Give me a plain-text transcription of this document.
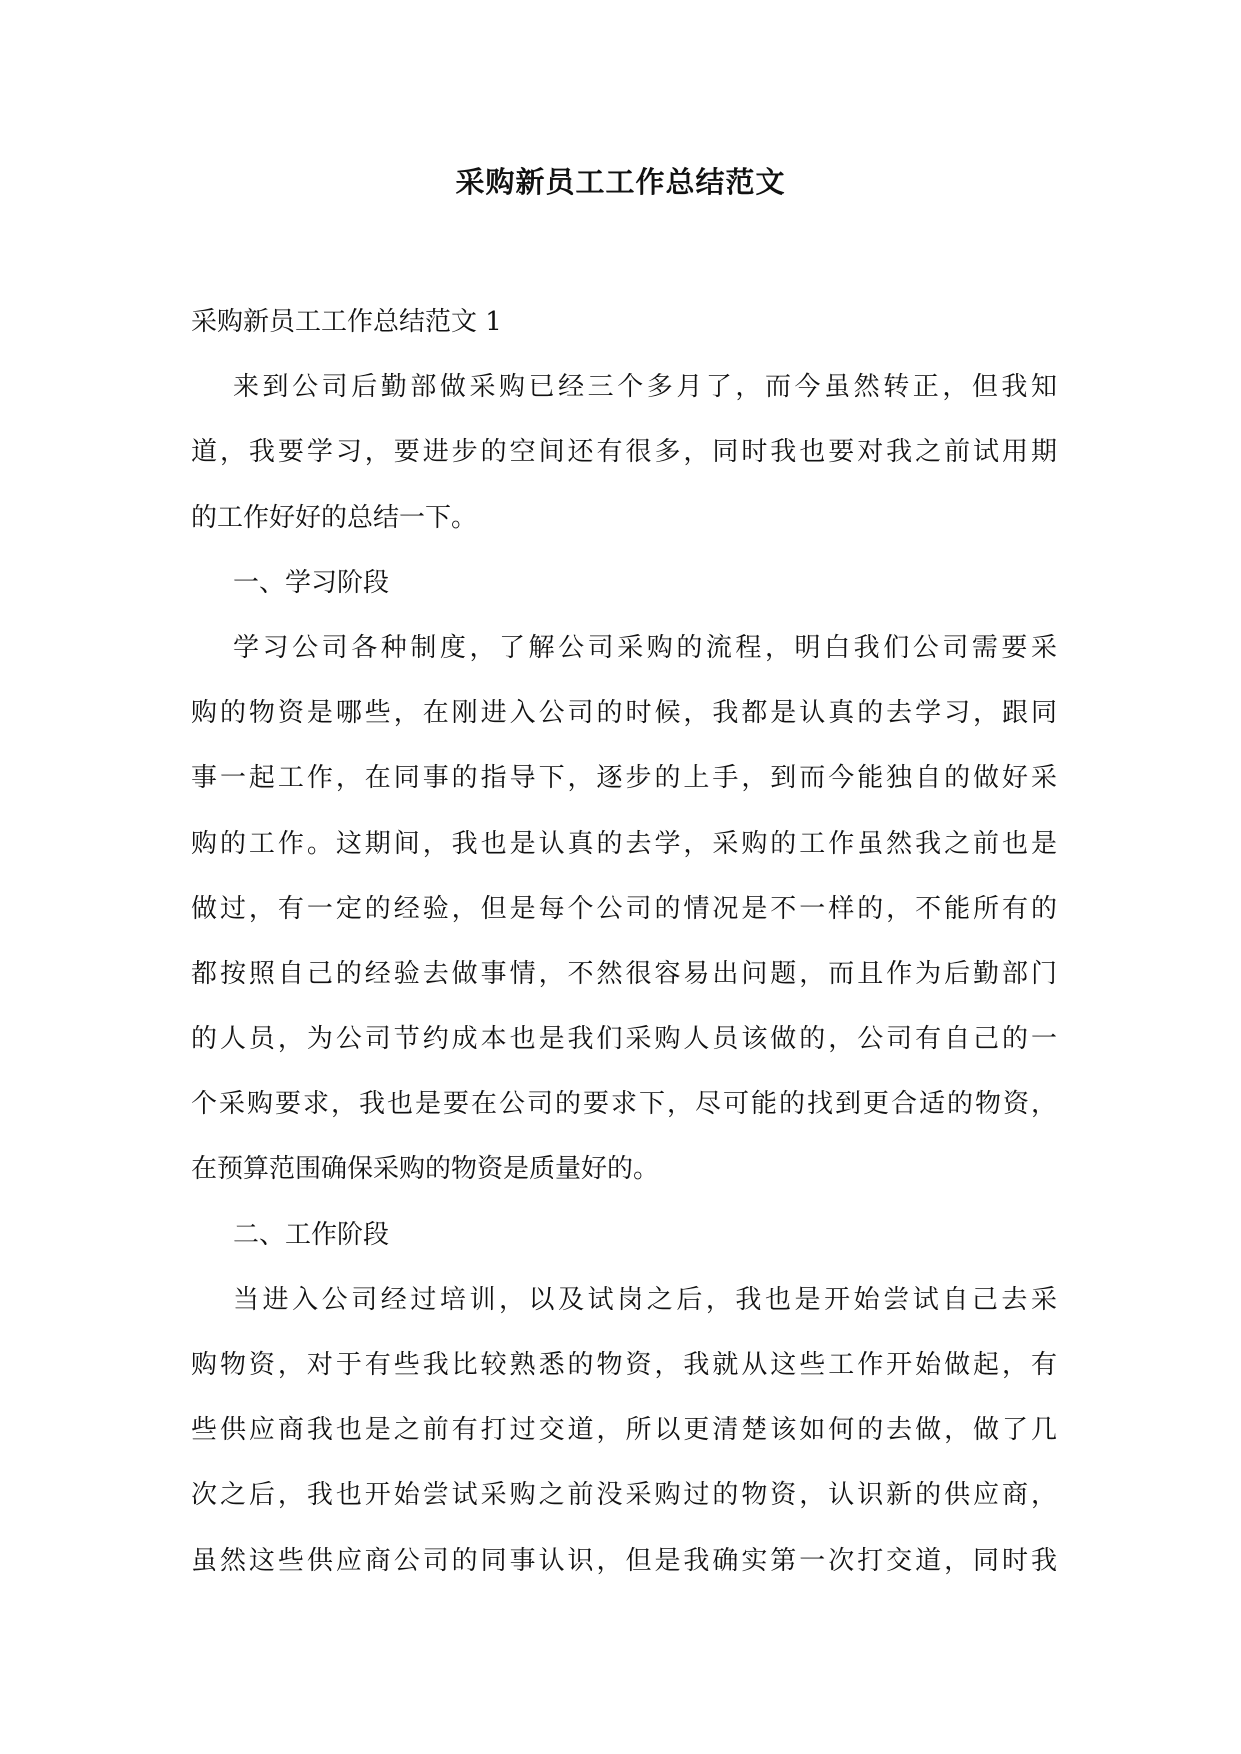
采购新员工工作总结范文
采购新员工工作总结范文 1
来到公司后勤部做采购已经三个多月了，而今虽然转正，但我知
道，我要学习，要进步的空间还有很多，同时我也要对我之前试用期
的工作好好的总结一下。
一、学习阶段
学习公司各种制度，了解公司采购的流程，明白我们公司需要采
购的物资是哪些，在刚进入公司的时候，我都是认真的去学习，跟同
事一起工作，在同事的指导下，逐步的上手，到而今能独自的做好采
购的工作。这期间，我也是认真的去学，采购的工作虽然我之前也是
做过，有一定的经验，但是每个公司的情况是不一样的，不能所有的
都按照自己的经验去做事情，不然很容易出问题，而且作为后勤部门
的人员，为公司节约成本也是我们采购人员该做的，公司有自己的一
个采购要求，我也是要在公司的要求下，尽可能的找到更合适的物资，
在预算范围确保采购的物资是质量好的。
二、工作阶段
当进入公司经过培训，以及试岗之后，我也是开始尝试自己去采
购物资，对于有些我比较熟悉的物资，我就从这些工作开始做起，有
些供应商我也是之前有打过交道，所以更清楚该如何的去做，做了几
次之后，我也开始尝试采购之前没采购过的物资，认识新的供应商，
虽然这些供应商公司的同事认识，但是我确实第一次打交道，同时我
